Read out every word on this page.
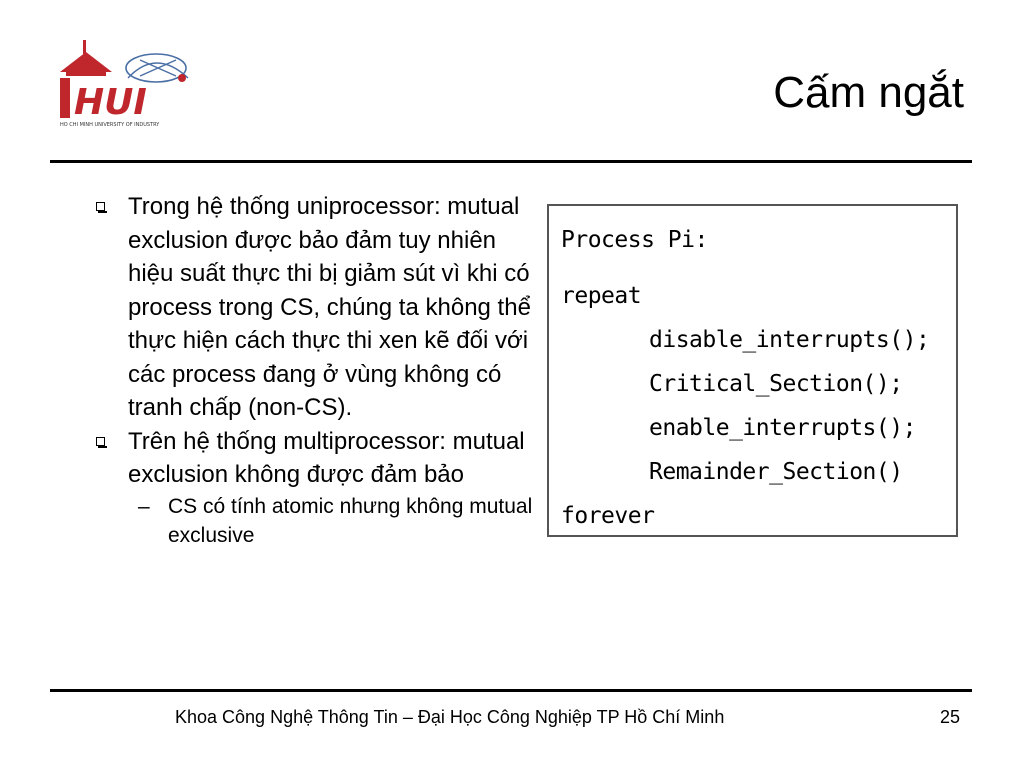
HUI
HO CHI MINH UNIVERSITY OF INDUSTRY
Cấm ngắt
Trong hệ thống uniprocessor: mutual exclusion được bảo đảm tuy nhiên hiệu suất thực thi bị giảm sút vì khi có process trong CS, chúng ta không thể thực hiện cách thực thi xen kẽ đối với các process đang ở vùng không có tranh chấp (non-CS).
Trên hệ thống multiprocessor: mutual exclusion không được đảm bảo
– CS có tính atomic nhưng không mutual exclusive
Process Pi:
repeat
disable_interrupts();
Critical_Section();
enable_interrupts();
Remainder_Section()
forever
Khoa Công Nghệ Thông Tin – Đại Học Công Nghiệp TP Hồ Chí Minh	25
